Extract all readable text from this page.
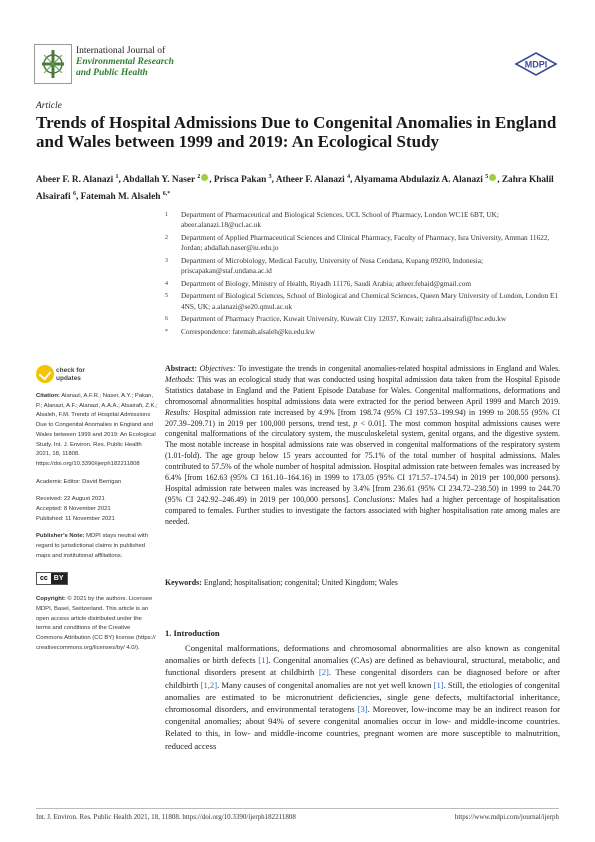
International Journal of
Environmental Research
and Public Health
MDPI
Article
Trends of Hospital Admissions Due to Congenital Anomalies in England and Wales between 1999 and 2019: An Ecological Study
Abeer F. R. Alanazi $^1$, Abdallah Y. Naser $^2$ , Prisca Pakan $^3$, Atheer F. Alanazi $^4$, Alyamama Abdulaziz A. Alanazi $^5$ , Zahra Khalil Alsairafi $^6$, Fatemah M. Alsaleh $^{6,*}$
1 Department of Pharmaceutical and Biological Sciences, UCL School of Pharmacy, London WC1E 6BT, UK; abeer.alanazi.18@ucl.ac.uk
2 Department of Applied Pharmaceutical Sciences and Clinical Pharmacy, Faculty of Pharmacy, Isra University, Amman 11622, Jordan; abdallah.naser@iu.edu.jo
3 Department of Microbiology, Medical Faculty, University of Nusa Cendana, Kupang 09200, Indonesia; priscapakan@staf.undana.ac.id
4 Department of Biology, Ministry of Health, Riyadh 11176, Saudi Arabia; atheer.fehaid@gmail.com
5 Department of Biological Sciences, School of Biological and Chemical Sciences, Queen Mary University of London, London E1 4NS, UK; a.alanazi@se20.qmul.ac.uk
6 Department of Pharmacy Practice, Kuwait University, Kuwait City 12037, Kuwait; zahra.alsairafi@hsc.edu.kw
* Correspondence: fatemah.alsaleh@ku.edu.kw
check for
updates

Citation: Alanazi, A.F.R.; Naser, A.Y.; Pakan, P.; Alanazi, A.F.; Alanazi, A.A.A.; Alsairafi, Z.K.; Alsaleh, F.M. Trends of Hospital Admissions Due to Congenital Anomalies in England and Wales between 1999 and 2019: An Ecological Study. Int. J. Environ. Res. Public Health 2021, 18, 11808. https://doi.org/10.3390/ijerph182211808

Academic Editor: David Berrigan

Received: 22 August 2021
Accepted: 8 November 2021

Published: 11 November 2021

Publisher’s Note: MDPI stays neutral with regard to jurisdictional claims in published maps and institutional affiliations.

cc BY

Copyright: © 2021 by the authors. Licensee MDPI, Basel, Switzerland. This article is an open access article distributed under the terms and conditions of the Creative Commons Attribution (CC BY) license (https:// creativecommons.org/licenses/by/ 4.0/).

Abstract: Objectives: To investigate the trends in congenital anomalies-related hospital admissions in England and Wales. Methods: This was an ecological study that was conducted using hospital admission data taken from the Hospital Episode Statistics database in England and the Patient Episode Database for Wales. Congenital malformations, deformations and chromosomal abnormalities hospital admissions data were extracted for the period between April 1999 and March 2019. Results: Hospital admission rate increased by 4.9% [from 198.74 (95% CI 197.53–199.94) in 1999 to 208.55 (95% CI 207.39–209.71) in 2019 per 100,000 persons, trend test, p < 0.01]. The most common hospital admissions causes were congenital malformations of the circulatory system, the musculoskeletal system, genital organs, and the digestive system. The most notable increase in hospital admissions rate was observed in congenital malformations of the respiratory system (1.01-fold). The age group below 15 years accounted for 75.1% of the total number of hospital admissions. Males contributed to 57.5% of the whole number of hospital admission. Hospital admission rate between females was increased by 6.4% [from 162.63 (95% CI 161.10–164.16) in 1999 to 173.05 (95% CI 171.57–174.54) in 2019 per 100,000 persons). Hospital admission rate between males was increased by 3.4% [from 236.61 (95% CI 234.72–238.50) in 1999 to 244.70 (95% CI 242.92–246.49) in 2019 per 100,000 persons]. Conclusions: Males had a higher percentage of hospitalisation compared to females. Further studies to investigate the factors associated with higher hospitalisation rate among males are needed.
Keywords: England; hospitalisation; congenital; United Kingdom; Wales
1. Introduction

Congenital malformations, deformations and chromosomal abnormalities are also known as congenital anomalies or birth defects [1]. Congenital anomalies (CAs) are defined as behavioural, structural, metabolic, and functional disorders present at childbirth [2]. These congenital disorders can be diagnosed before or after childbirth [1,2]. Many causes of congenital anomalies are not yet well known [1]. Still, the etiologies of congenital anomalies are estimated to be micronutrient deficiencies, single gene defects, multifactorial inheritance, chromosomal disorders, and environmental teratogens [3]. Moreover, low-income may be an indirect reason for congenital anomalies; about 94% of severe congenital anomalies occur in low- and middle-income countries. Related to this, in low- and middle-income countries, pregnant women are more susceptible to malnutrition, reduced access

Int. J. Environ. Res. Public Health 2021, 18, 11808. https://doi.org/10.3390/ijerph182211808	https://www.mdpi.com/journal/ijerph
